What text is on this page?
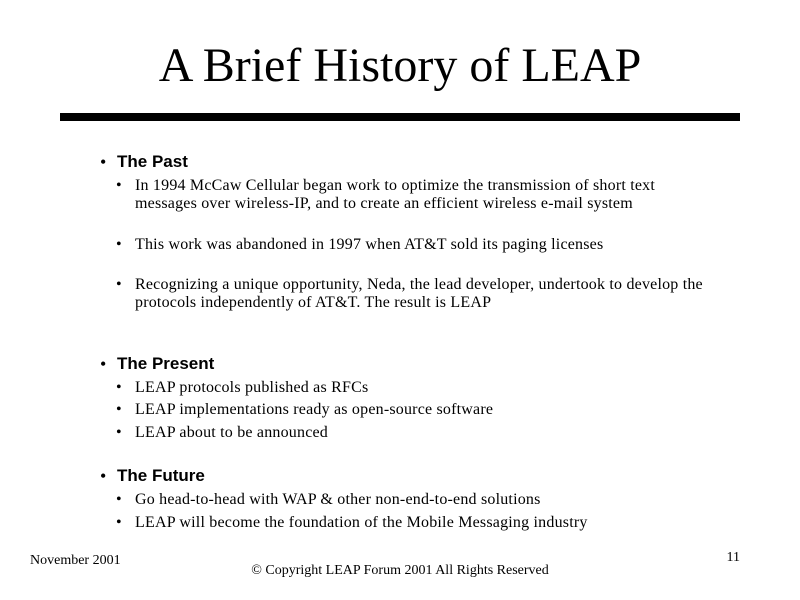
A Brief History of LEAP
• The Past
• In 1994 McCaw Cellular began work to optimize the transmission of short text messages over wireless-IP, and to create an efficient wireless e-mail system
• This work was abandoned in 1997 when AT&T sold its paging licenses
• Recognizing a unique opportunity, Neda, the lead developer, undertook to develop the protocols independently of AT&T. The result is LEAP
• The Present
• LEAP protocols published as RFCs
• LEAP implementations ready as open-source software
• LEAP about to be announced
• The Future
• Go head-to-head with WAP & other non-end-to-end solutions
• LEAP will become the foundation of the Mobile Messaging industry
November 2001
© Copyright LEAP Forum 2001 All Rights Reserved
11
